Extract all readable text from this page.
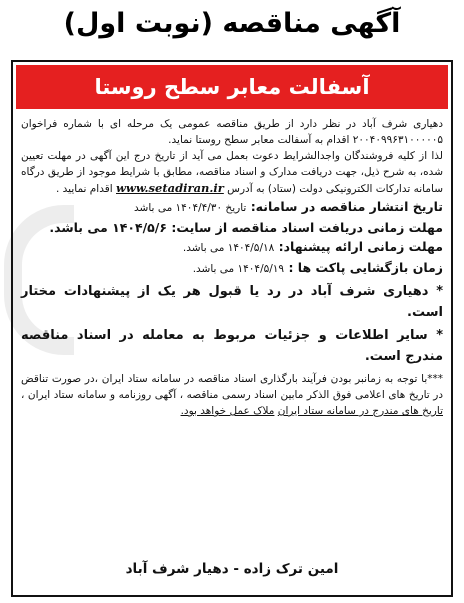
آگهی مناقصه (نوبت اول)
آسفالت معابر سطح روستا

دهیاری شرف آباد در نظر دارد از طریق مناقصه عمومی یک مرحله ای با شماره فراخوان ۲۰۰۴۰۹۹۶۳۱۰۰۰۰۰۵ اقدام به آسفالت معابر سطح روستا نماید.

لذا از کلیه فروشندگان واجدالشرایط دعوت بعمل می آید از تاریخ درج این آگهی در مهلت تعیین شده، به شرح ذیل، جهت دریافت مدارک و اسناد مناقصه، مطابق با شرایط موجود از طریق درگاه سامانه تدارکات الکترونیکی دولت (ستاد) به آدرس www.setadiran.ir اقدام نمایید .

تاریخ انتشار مناقصه در سامانه: تاریخ ۱۴۰۴/۴/۳۰ می باشد

مهلت زمانی دریافت اسناد مناقصه از سایت: ۱۴۰۴/۵/۶ می باشد.

مهلت زمانی ارائه پیشنهاد: ۱۴۰۴/۵/۱۸ می باشد.

زمان بازگشایی پاکت ها : ۱۴۰۴/۵/۱۹ می باشد.

* دهیاری شرف آباد در رد یا قبول هر یک از پیشنهادات مختار است.

* سایر اطلاعات و جزئیات مربوط به معامله در اسناد مناقصه مندرج است.

***با توجه به زمانبر بودن فرآیند بارگذاری اسناد مناقصه در سامانه ستاد ایران ،در صورت تناقض در تاریخ های اعلامی فوق الذکر مابین اسناد رسمی مناقصه ، آگهی روزنامه و سامانه ستاد ایران ، تاریخ های مندرج در سامانه ستاد ایران ملاک عمل خواهد بود.

امین ترک زاده - دهیار شرف آباد
